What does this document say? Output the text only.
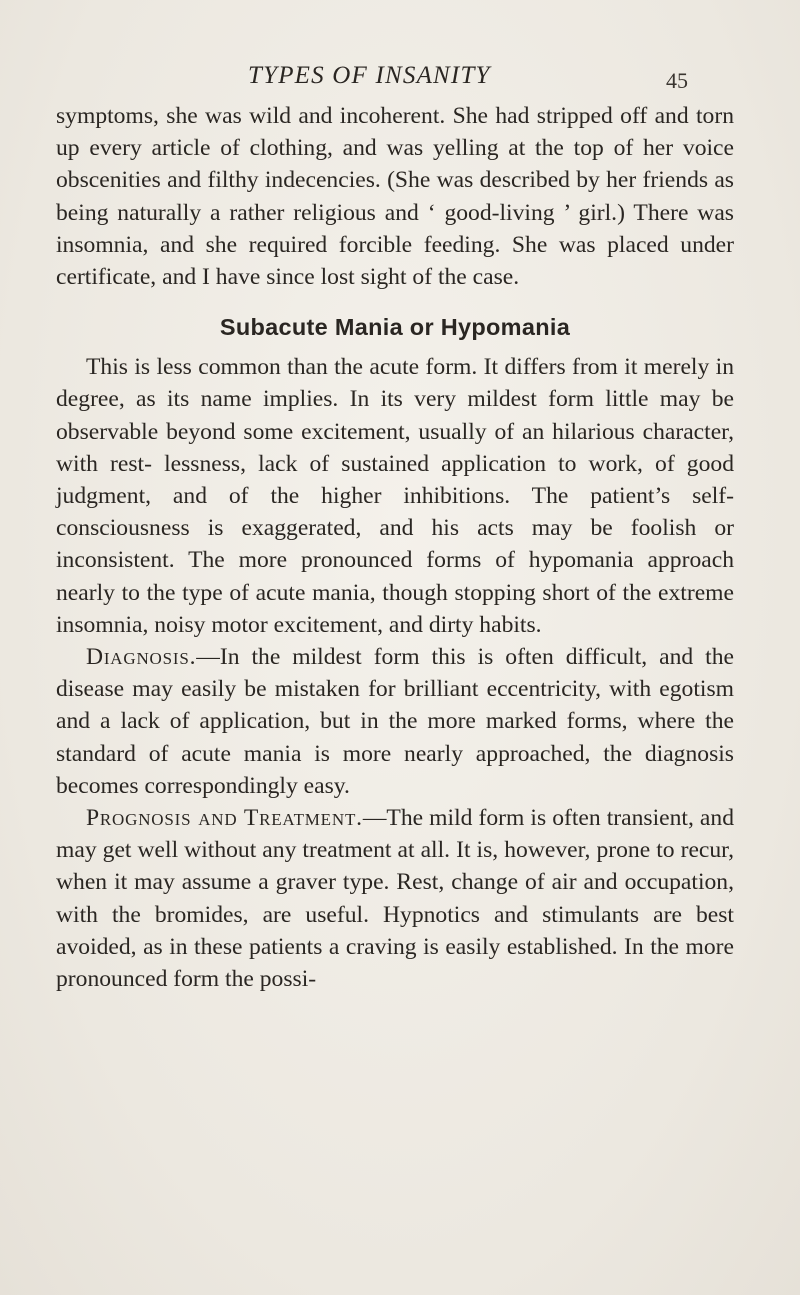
TYPES OF INSANITY	45

symptoms, she was wild and incoherent. She had stripped off and torn up every article of clothing, and was yelling at the top of her voice obscenities and filthy indecencies. (She was described by her friends as being naturally a rather religious and ‘ good-living ’ girl.) There was insomnia, and she required forcible feeding. She was placed under certificate, and I have since lost sight of the case.

Subacute Mania or Hypomania

This is less common than the acute form. It differs from it merely in degree, as its name implies. In its very mildest form little may be observable beyond some excitement, usually of an hilarious character, with rest- lessness, lack of sustained application to work, of good judgment, and of the higher inhibitions. The patient’s self-consciousness is exaggerated, and his acts may be foolish or inconsistent. The more pronounced forms of hypomania approach nearly to the type of acute mania, though stopping short of the extreme insomnia, noisy motor excitement, and dirty habits.

Diagnosis.—In the mildest form this is often difficult, and the disease may easily be mistaken for brilliant eccentricity, with egotism and a lack of application, but in the more marked forms, where the standard of acute mania is more nearly approached, the diagnosis becomes correspondingly easy.

Prognosis and Treatment.—The mild form is often transient, and may get well without any treatment at all. It is, however, prone to recur, when it may assume a graver type. Rest, change of air and occupation, with the bromides, are useful. Hypnotics and stimulants are best avoided, as in these patients a craving is easily established. In the more pronounced form the possi-
